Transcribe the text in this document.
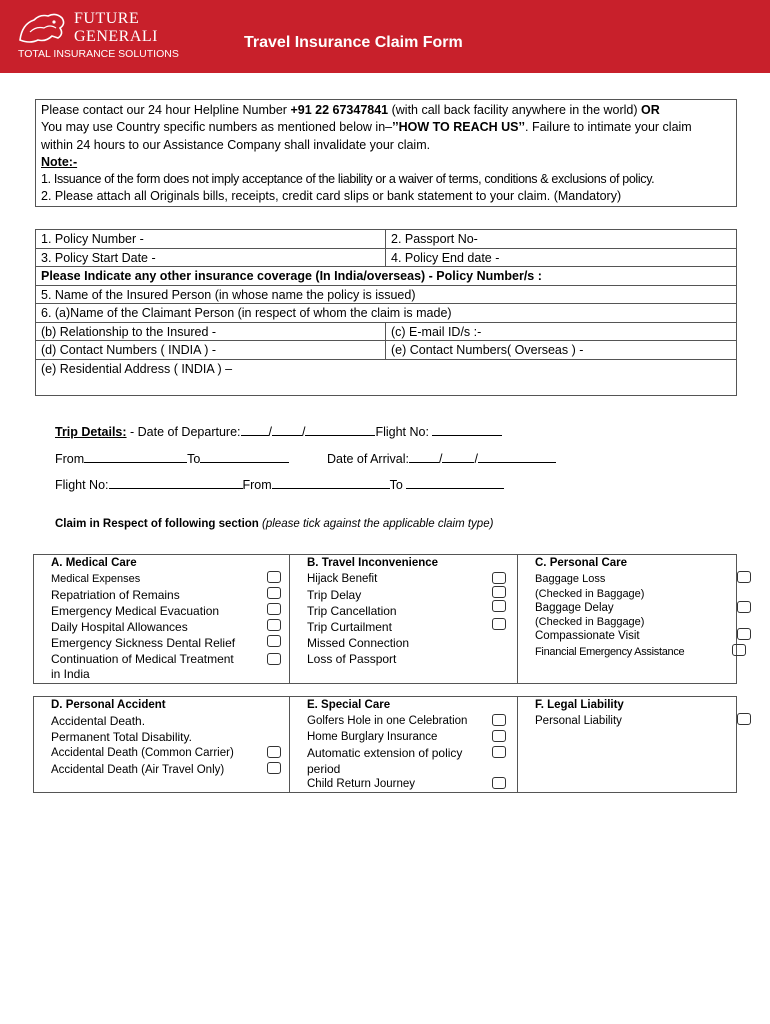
FUTURE
GENERALI
TOTAL INSURANCE SOLUTIONS
Travel Insurance Claim Form

Please contact our 24 hour Helpline Number +91 22 67347841 (with call back facility anywhere in the world) OR

You may use Country specific numbers as mentioned below in–’’HOW TO REACH US’’. Failure to intimate your claim

within 24 hours to our Assistance Company shall invalidate your claim.

Note:-

1. Issuance of the form does not imply acceptance of the liability or a waiver of terms, conditions & exclusions of policy.

2. Please attach all Originals bills, receipts, credit card slips or bank statement to your claim. (Mandatory)

1. Policy Number -	2. Passport No-
3. Policy Start Date -	4. Policy End date -
Please Indicate any other insurance coverage (In India/overseas) - Policy Number/s :
5. Name of the Insured Person (in whose name the policy is issued)
6. (a)Name of the Claimant Person (in respect of whom the claim is made)
(b) Relationship to the Insured -	(c) E-mail ID/s :-
(d) Contact Numbers ( INDIA ) -	(e) Contact Numbers( Overseas ) -
(e) Residential Address ( INDIA ) –
Trip Details: - Date of Departure: / /	Flight No:
From	To	Date of Arrival: /	/
Flight No:	From	To
Claim in Respect of following section (please tick against the applicable claim type)
A. Medical Care
Medical Expenses
Repatriation of Remains
Emergency Medical Evacuation
Daily Hospital Allowances
Emergency Sickness Dental Relief
Continuation of Medical Treatment
in India
B. Travel Inconvenience
Hijack Benefit
Trip Delay
Trip Cancellation
Trip Curtailment
Missed Connection
Loss of Passport
C. Personal Care
Baggage Loss
(Checked in Baggage)
Baggage Delay
(Checked in Baggage)
Compassionate Visit
Financial Emergency Assistance
D. Personal Accident
Accidental Death.
Permanent Total Disability.
Accidental Death (Common Carrier)
Accidental Death (Air Travel Only)
E. Special Care
Golfers Hole in one Celebration
Home Burglary Insurance
Automatic extension of policy
period
Child Return Journey
F. Legal Liability
Personal Liability
